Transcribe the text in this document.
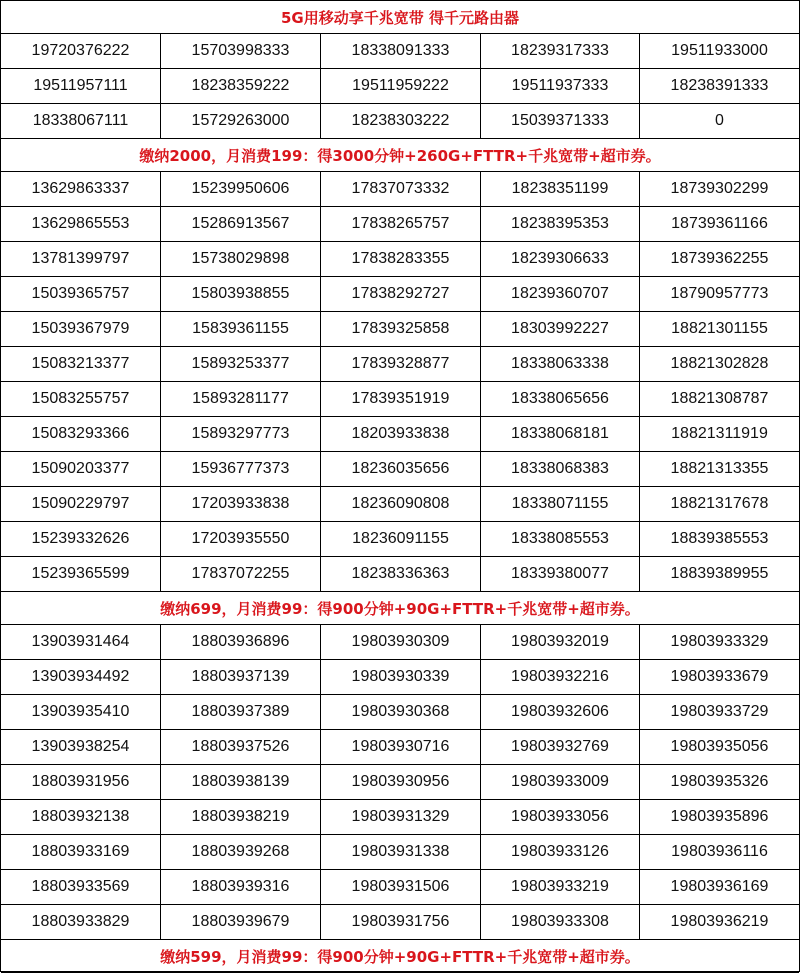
5G用移动享千兆宽带 得千元路由器
19720376222	15703998333	18338091333	18239317333	19511933000
19511957111	18238359222	19511959222	19511937333	18238391333
18338067111	15729263000	18238303222	15039371333	0
缴纳2000，月消费199：得3000分钟+260G+FTTR+千兆宽带+超市券。
13629863337	15239950606	17837073332	18238351199	18739302299
13629865553	15286913567	17838265757	18238395353	18739361166
13781399797	15738029898	17838283355	18239306633	18739362255
15039365757	15803938855	17838292727	18239360707	18790957773
15039367979	15839361155	17839325858	18303992227	18821301155
15083213377	15893253377	17839328877	18338063338	18821302828
15083255757	15893281177	17839351919	18338065656	18821308787
15083293366	15893297773	18203933838	18338068181	18821311919
15090203377	15936777373	18236035656	18338068383	18821313355
15090229797	17203933838	18236090808	18338071155	18821317678
15239332626	17203935550	18236091155	18338085553	18839385553
15239365599	17837072255	18238336363	18339380077	18839389955
缴纳699，月消费99：得900分钟+90G+FTTR+千兆宽带+超市券。
13903931464	18803936896	19803930309	19803932019	19803933329
13903934492	18803937139	19803930339	19803932216	19803933679
13903935410	18803937389	19803930368	19803932606	19803933729
13903938254	18803937526	19803930716	19803932769	19803935056
18803931956	18803938139	19803930956	19803933009	19803935326
18803932138	18803938219	19803931329	19803933056	19803935896
18803933169	18803939268	19803931338	19803933126	19803936116
18803933569	18803939316	19803931506	19803933219	19803936169
18803933829	18803939679	19803931756	19803933308	19803936219
缴纳599，月消费99：得900分钟+90G+FTTR+千兆宽带+超市券。
